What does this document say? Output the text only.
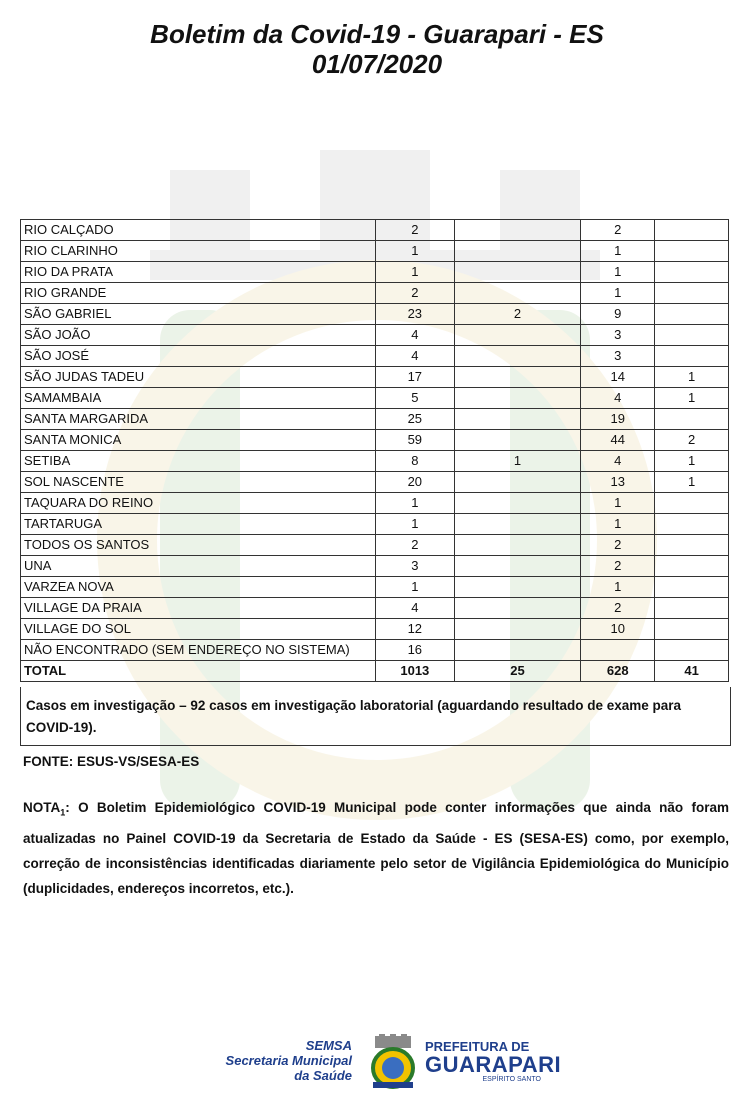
Boletim da Covid-19 - Guarapari - ES
01/07/2020
RIO CALÇADO	2		2	
RIO CLARINHO	1		1	
RIO DA PRATA	1		1	
RIO GRANDE	2		1	
SÃO GABRIEL	23	2	9	
SÃO JOÃO	4		3	
SÃO JOSÉ	4		3	
SÃO JUDAS TADEU	17		14	1
SAMAMBAIA	5		4	1
SANTA MARGARIDA	25		19	
SANTA MONICA	59		44	2
SETIBA	8	1	4	1
SOL NASCENTE	20		13	1
TAQUARA DO REINO	1		1	
TARTARUGA	1		1	
TODOS OS SANTOS	2		2	
UNA	3		2	
VARZEA NOVA	1		1	
VILLAGE DA PRAIA	4		2	
VILLAGE DO SOL	12		10	
NÃO ENCONTRADO (SEM ENDEREÇO NO SISTEMA)	16			
TOTAL	1013	25	628	41
Casos em investigação – 92 casos em investigação laboratorial (aguardando resultado de exame para COVID-19).
FONTE: ESUS-VS/SESA-ES
$NOTA_1$: O Boletim Epidemiológico COVID-19 Municipal pode conter informações que ainda não foram atualizadas no Painel COVID-19 da Secretaria de Estado da Saúde - ES (SESA-ES) como, por exemplo, correção de inconsistências identificadas diariamente pelo setor de Vigilância Epidemiológica do Município (duplicidades, endereços incorretos, etc.).
SEMSA
Secretaria Municipal
da Saúde
PREFEITURA DE
GUARAPARI
ESPÍRITO SANTO
